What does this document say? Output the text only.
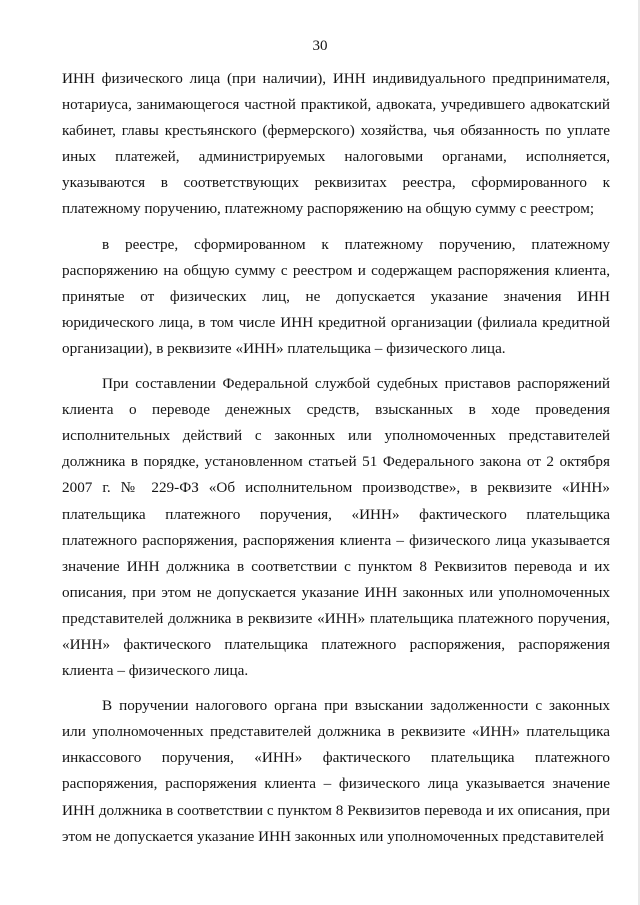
30

ИНН физического лица (при наличии), ИНН индивидуального предпринимателя, нотариуса, занимающегося частной практикой, адвоката, учредившего адвокатский кабинет, главы крестьянского (фермерского) хозяйства, чья обязанность по уплате иных платежей, администрируемых налоговыми органами, исполняется, указываются в соответствующих реквизитах реестра, сформированного к платежному поручению, платежному распоряжению на общую сумму с реестром;

в реестре, сформированном к платежному поручению, платежному распоряжению на общую сумму с реестром и содержащем распоряжения клиента, принятые от физических лиц, не допускается указание значения ИНН юридического лица, в том числе ИНН кредитной организации (филиала кредитной организации), в реквизите «ИНН» плательщика – физического лица.

При составлении Федеральной службой судебных приставов распоряжений клиента о переводе денежных средств, взысканных в ходе проведения исполнительных действий с законных или уполномоченных представителей должника в порядке, установленном статьей 51 Федерального закона от 2 октября 2007 г. № 229-ФЗ «Об исполнительном производстве», в реквизите «ИНН» плательщика платежного поручения, «ИНН» фактического плательщика платежного распоряжения, распоряжения клиента – физического лица указывается значение ИНН должника в соответствии с пунктом 8 Реквизитов перевода и их описания, при этом не допускается указание ИНН законных или уполномоченных представителей должника в реквизите «ИНН» плательщика платежного поручения, «ИНН» фактического плательщика платежного распоряжения, распоряжения клиента – физического лица.

В поручении налогового органа при взыскании задолженности с законных или уполномоченных представителей должника в реквизите «ИНН» плательщика инкассового поручения, «ИНН» фактического плательщика платежного распоряжения, распоряжения клиента – физического лица указывается значение ИНН должника в соответствии с пунктом 8 Реквизитов перевода и их описания, при этом не допускается указание ИНН законных или уполномоченных представителей
